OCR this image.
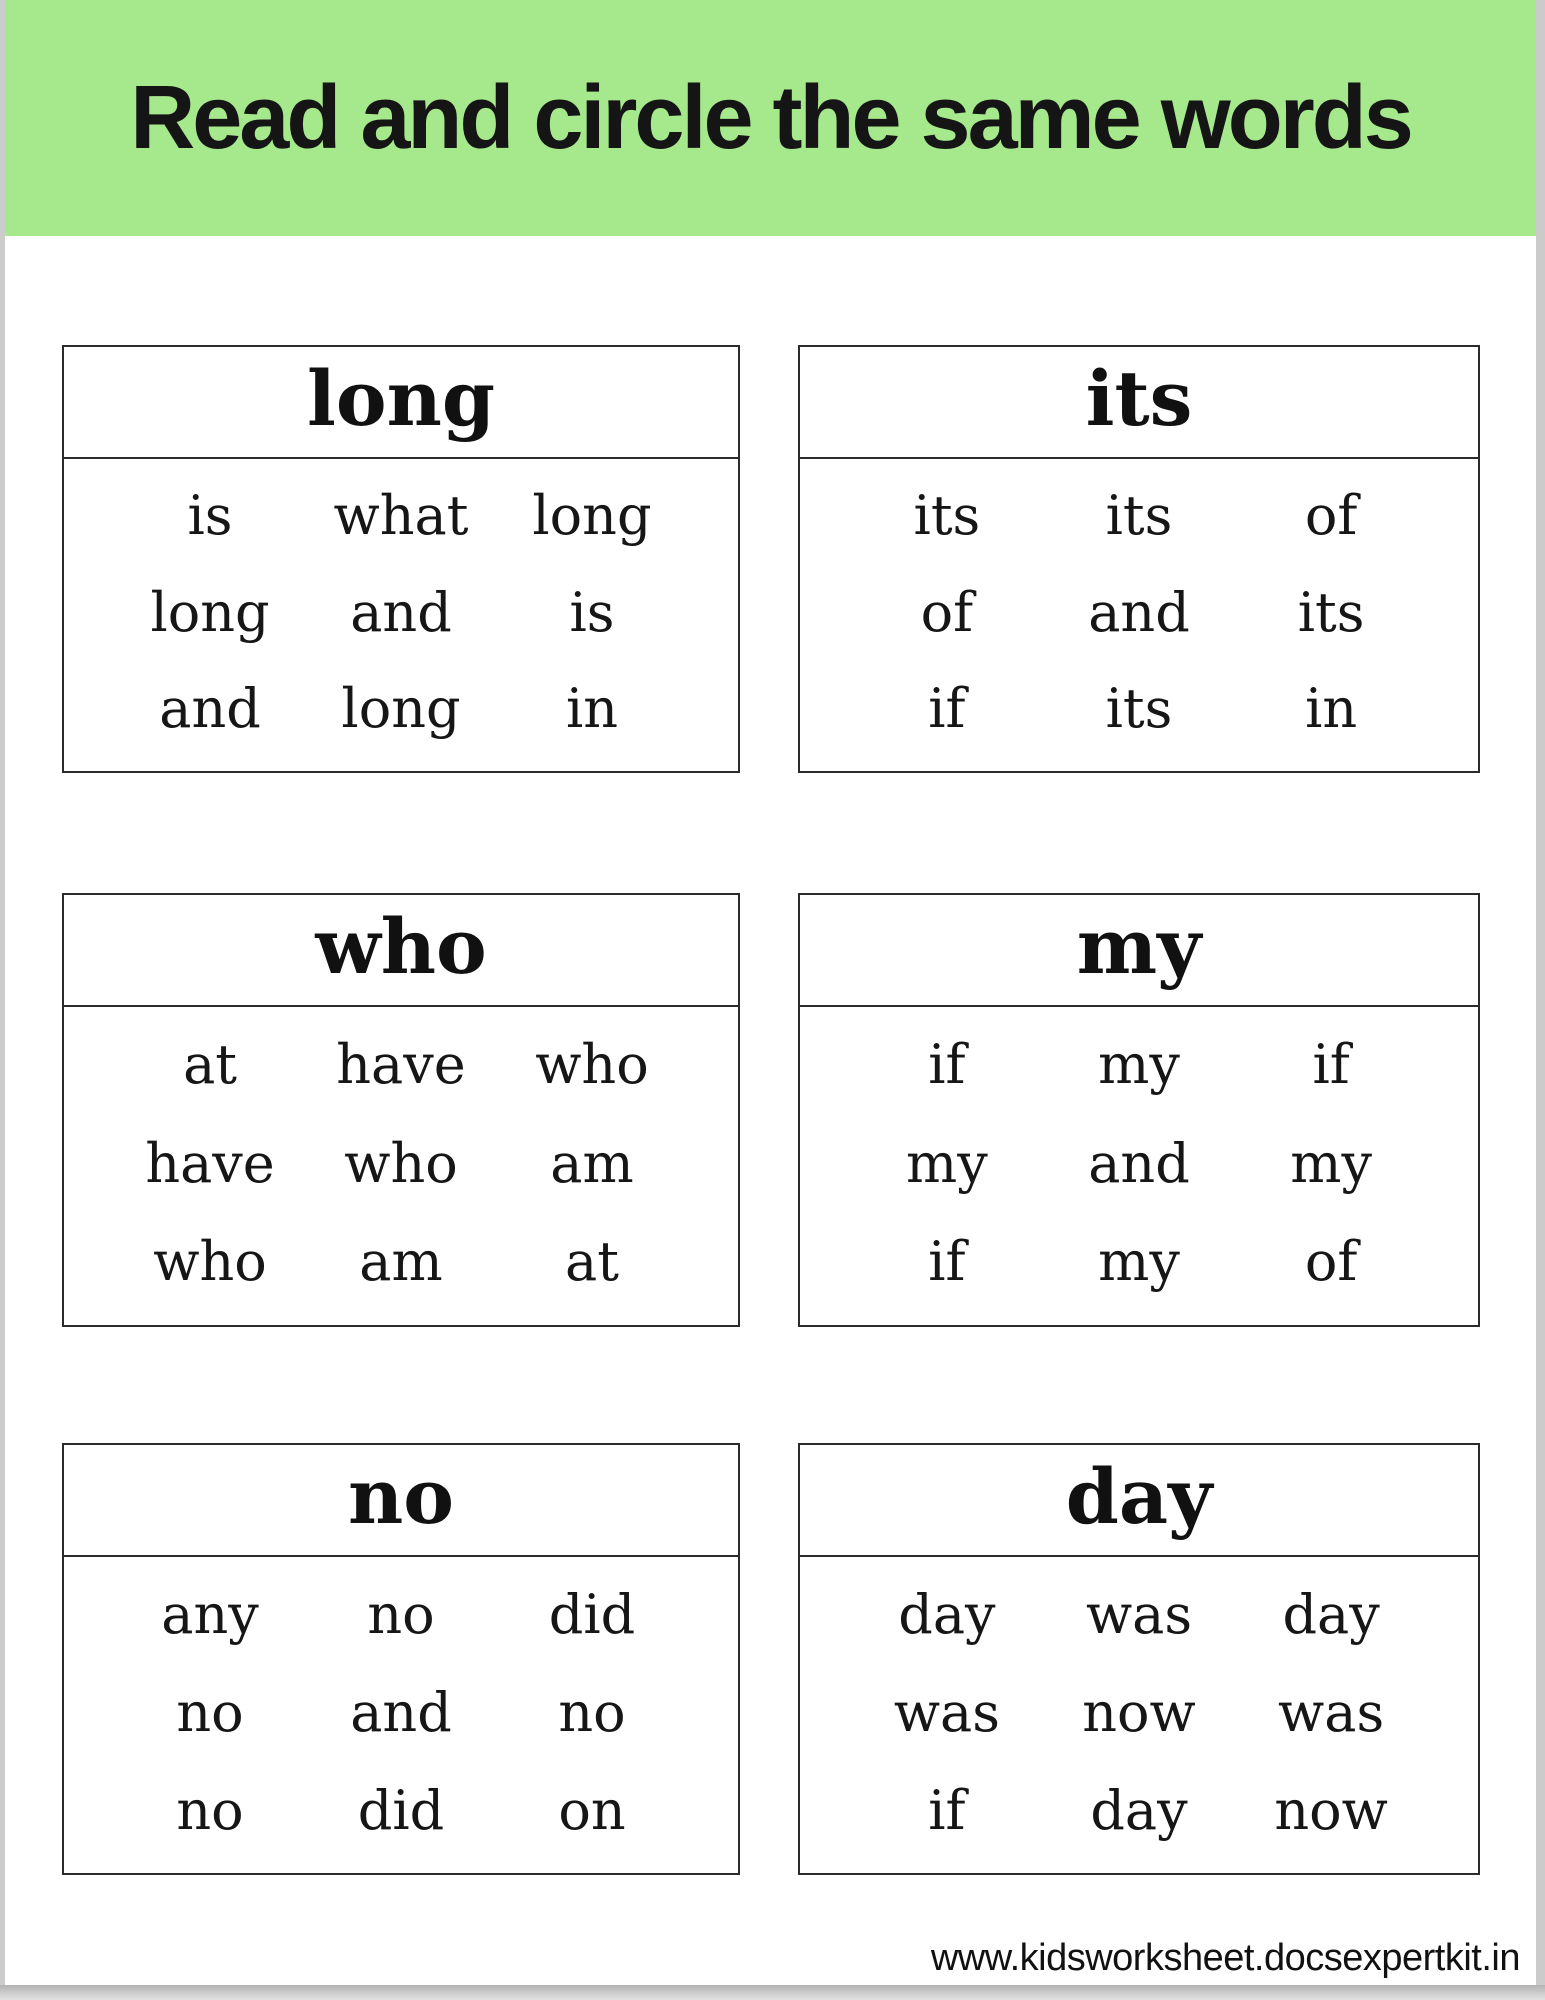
Read and circle the same words
long
is	what	long
long	and	is
and	long	in
its
its	its	of
of	and	its
if	its	in
who
at	have	who
have	who	am
who	am	at
my
if	my	if
my	and	my
if	my	of
no
any	no	did
no	and	no
no	did	on
day
day	was	day
was	now	was
if	day	now
www.kidsworksheet.docsexpertkit.in
